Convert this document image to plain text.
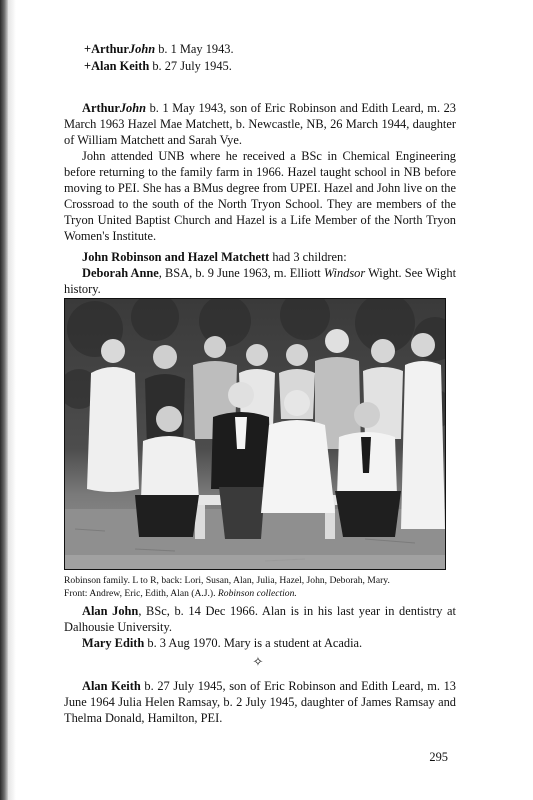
+ArthurJohn b. 1 May 1943.

+Alan Keith b. 27 July 1945.

ArthurJohn b. 1 May 1943, son of Eric Robinson and Edith Leard, m. 23 March 1963 Hazel Mae Matchett, b. Newcastle, NB, 26 March 1944, daughter of William Matchett and Sarah Vye.

John attended UNB where he received a BSc in Chemical Engineering before returning to the family farm in 1966. Hazel taught school in NB before moving to PEI. She has a BMus degree from UPEI. Hazel and John live on the Crossroad to the south of the North Tryon School. They are members of the Tryon United Baptist Church and Hazel is a Life Member of the North Tryon Women's Institute.

John Robinson and Hazel Matchett had 3 children:

Deborah Anne, BSA, b. 9 June 1963, m. Elliott Windsor Wight. See Wight history.

Robinson family. L to R, back: Lori, Susan, Alan, Julia, Hazel, John, Deborah, Mary.

Front: Andrew, Eric, Edith, Alan (A.J.). Robinson collection.

Alan John, BSc, b. 14 Dec 1966. Alan is in his last year in dentistry at Dalhousie University.

Mary Edith b. 3 Aug 1970. Mary is a student at Acadia.

✧

Alan Keith b. 27 July 1945, son of Eric Robinson and Edith Leard, m. 13 June 1964 Julia Helen Ramsay, b. 2 July 1945, daughter of James Ramsay and Thelma Donald, Hamilton, PEI.

295
